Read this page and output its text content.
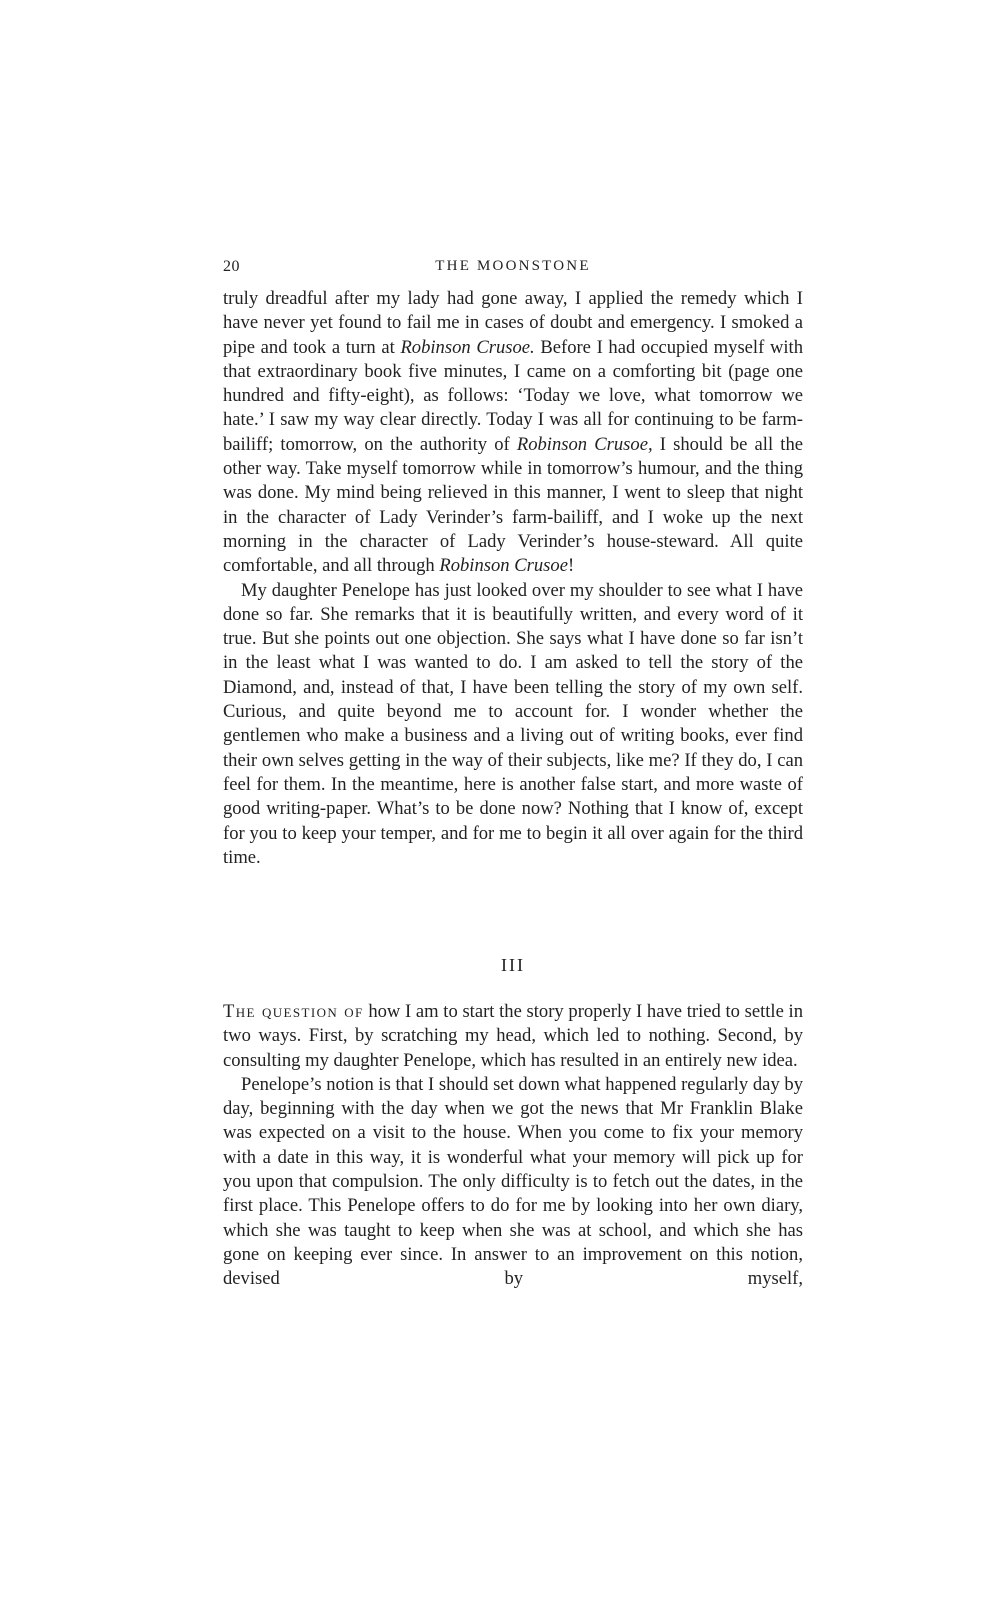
20	THE MOONSTONE

truly dreadful after my lady had gone away, I applied the remedy which I have never yet found to fail me in cases of doubt and emergency. I smoked a pipe and took a turn at Robinson Crusoe. Before I had occupied myself with that extraordinary book five minutes, I came on a comforting bit (page one hundred and fifty-eight), as follows: ‘Today we love, what tomorrow we hate.’ I saw my way clear directly. Today I was all for continuing to be farm-bailiff; tomorrow, on the authority of Robinson Crusoe, I should be all the other way. Take myself tomorrow while in tomorrow’s humour, and the thing was done. My mind being relieved in this manner, I went to sleep that night in the character of Lady Verinder’s farm-bailiff, and I woke up the next morning in the character of Lady Verinder’s house-steward. All quite comfortable, and all through Robinson Crusoe!

My daughter Penelope has just looked over my shoulder to see what I have done so far. She remarks that it is beautifully written, and every word of it true. But she points out one objection. She says what I have done so far isn’t in the least what I was wanted to do. I am asked to tell the story of the Diamond, and, instead of that, I have been telling the story of my own self. Curious, and quite beyond me to account for. I wonder whether the gentlemen who make a business and a living out of writing books, ever find their own selves getting in the way of their subjects, like me? If they do, I can feel for them. In the meantime, here is another false start, and more waste of good writing-paper. What’s to be done now? Nothing that I know of, except for you to keep your temper, and for me to begin it all over again for the third time.

III

The question of how I am to start the story properly I have tried to settle in two ways. First, by scratching my head, which led to nothing. Second, by consulting my daughter Penelope, which has resulted in an entirely new idea.

Penelope’s notion is that I should set down what happened regularly day by day, beginning with the day when we got the news that Mr Franklin Blake was expected on a visit to the house. When you come to fix your memory with a date in this way, it is wonderful what your memory will pick up for you upon that compulsion. The only difficulty is to fetch out the dates, in the first place. This Penelope offers to do for me by looking into her own diary, which she was taught to keep when she was at school, and which she has gone on keeping ever since. In answer to an improvement on this notion, devised by myself,
